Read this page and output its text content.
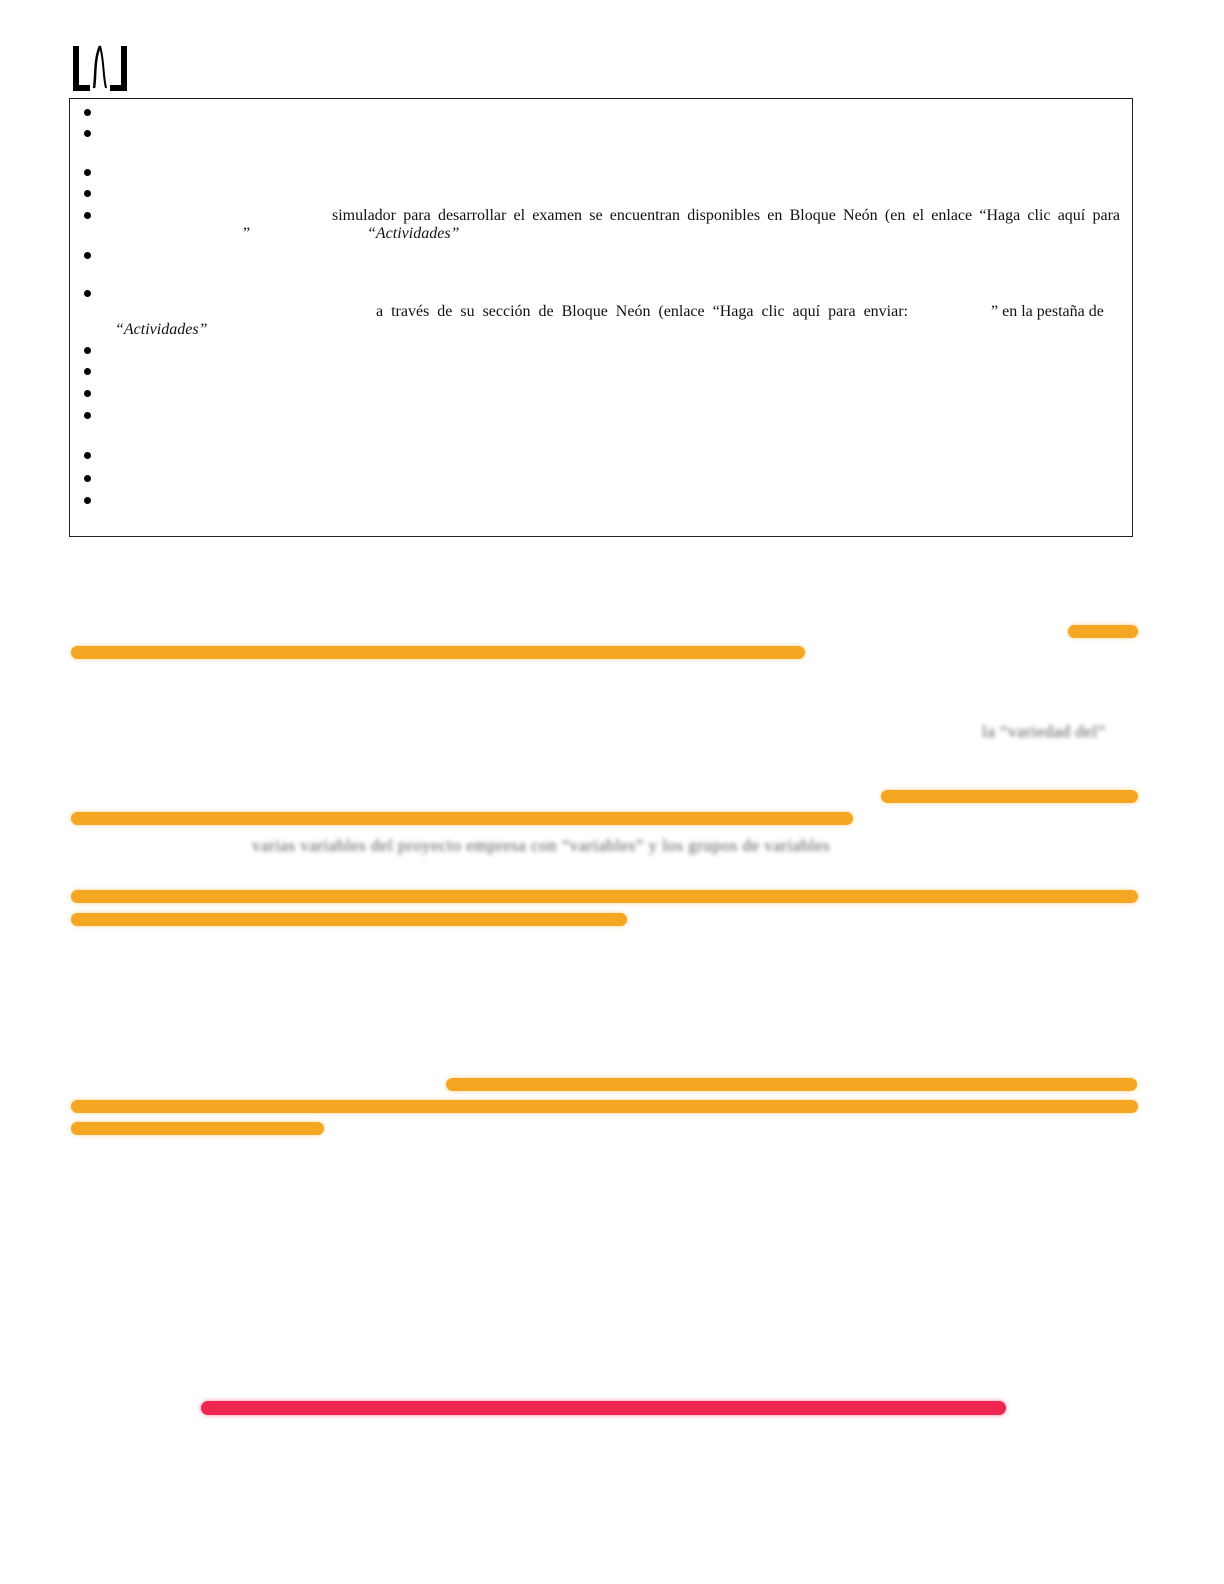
simulador para desarrollar el examen se encuentran disponibles en Bloque Neón (en el enlace “Haga clic aquí para
”	“Actividades”
a través de su sección de Bloque Neón (enlace “Haga clic aquí para enviar:	” en la pestaña de
“Actividades”
la “variedad del”
varias variables del proyecto empresa con “variables” y los grupos de variables
